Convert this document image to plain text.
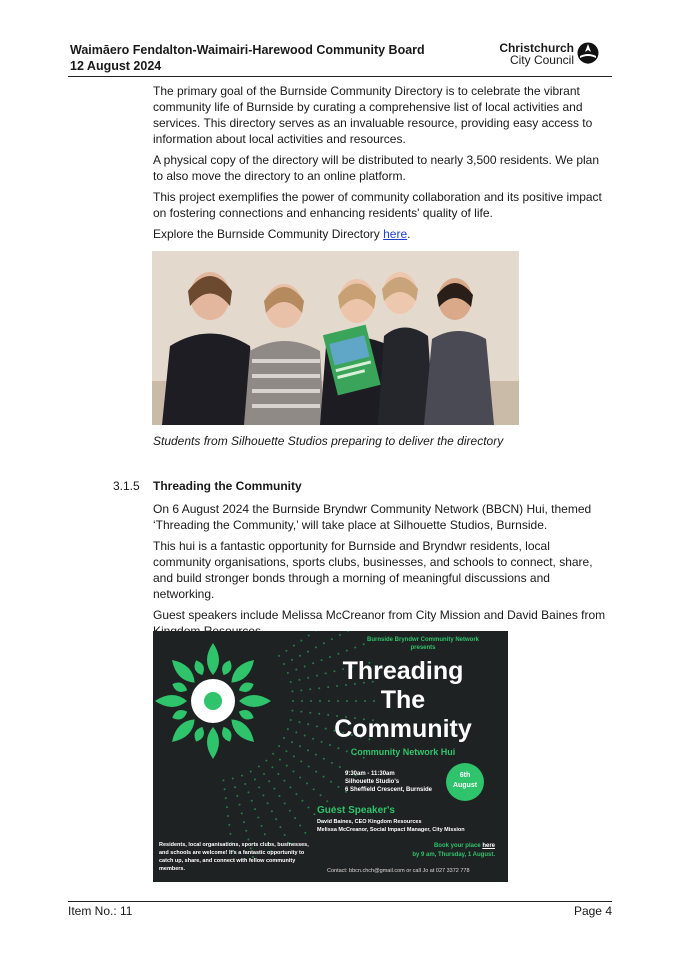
Waimāero Fendalton-Waimairi-Harewood Community Board
12 August 2024
Christchurch
City Council

The primary goal of the Burnside Community Directory is to celebrate the vibrant community life of Burnside by curating a comprehensive list of local activities and services. This directory serves as an invaluable resource, providing easy access to information about local activities and resources.

A physical copy of the directory will be distributed to nearly 3,500 residents. We plan to also move the directory to an online platform.

This project exemplifies the power of community collaboration and its positive impact on fostering connections and enhancing residents' quality of life.

Explore the Burnside Community Directory here.

Students from Silhouette Studios preparing to deliver the directory
3.1.5 Threading the Community

On 6 August 2024 the Burnside Bryndwr Community Network (BBCN) Hui, themed ‘Threading the Community,’ will take place at Silhouette Studios, Burnside.

This hui is a fantastic opportunity for Burnside and Bryndwr residents, local community organisations, sports clubs, businesses, and schools to connect, share, and build stronger bonds through a morning of meaningful discussions and networking.

Guest speakers include Melissa McCreanor from City Mission and David Baines from

Burnside Bryndwr Community Network
presents
Threading
The
Community
Community Network Hui
9:30am - 11:30am
Silhouette Studio's
6 Sheffield Crescent, Burnside
6th
August
Guest Speaker's
David Baines, CEO Kingdom Resources
Melissa McCreanor, Social Impact Manager, City Mission
Residents, local organisations, sports clubs, businesses, and schools are welcome! It's a fantastic opportunity to catch up, share, and connect with fellow community members.
Book your place here
by 9 am, Thursday, 1 August.
Contact: bbcn.chch@gmail.com or call Jo at 027 3372 778
Item No.: 11	Page 4
